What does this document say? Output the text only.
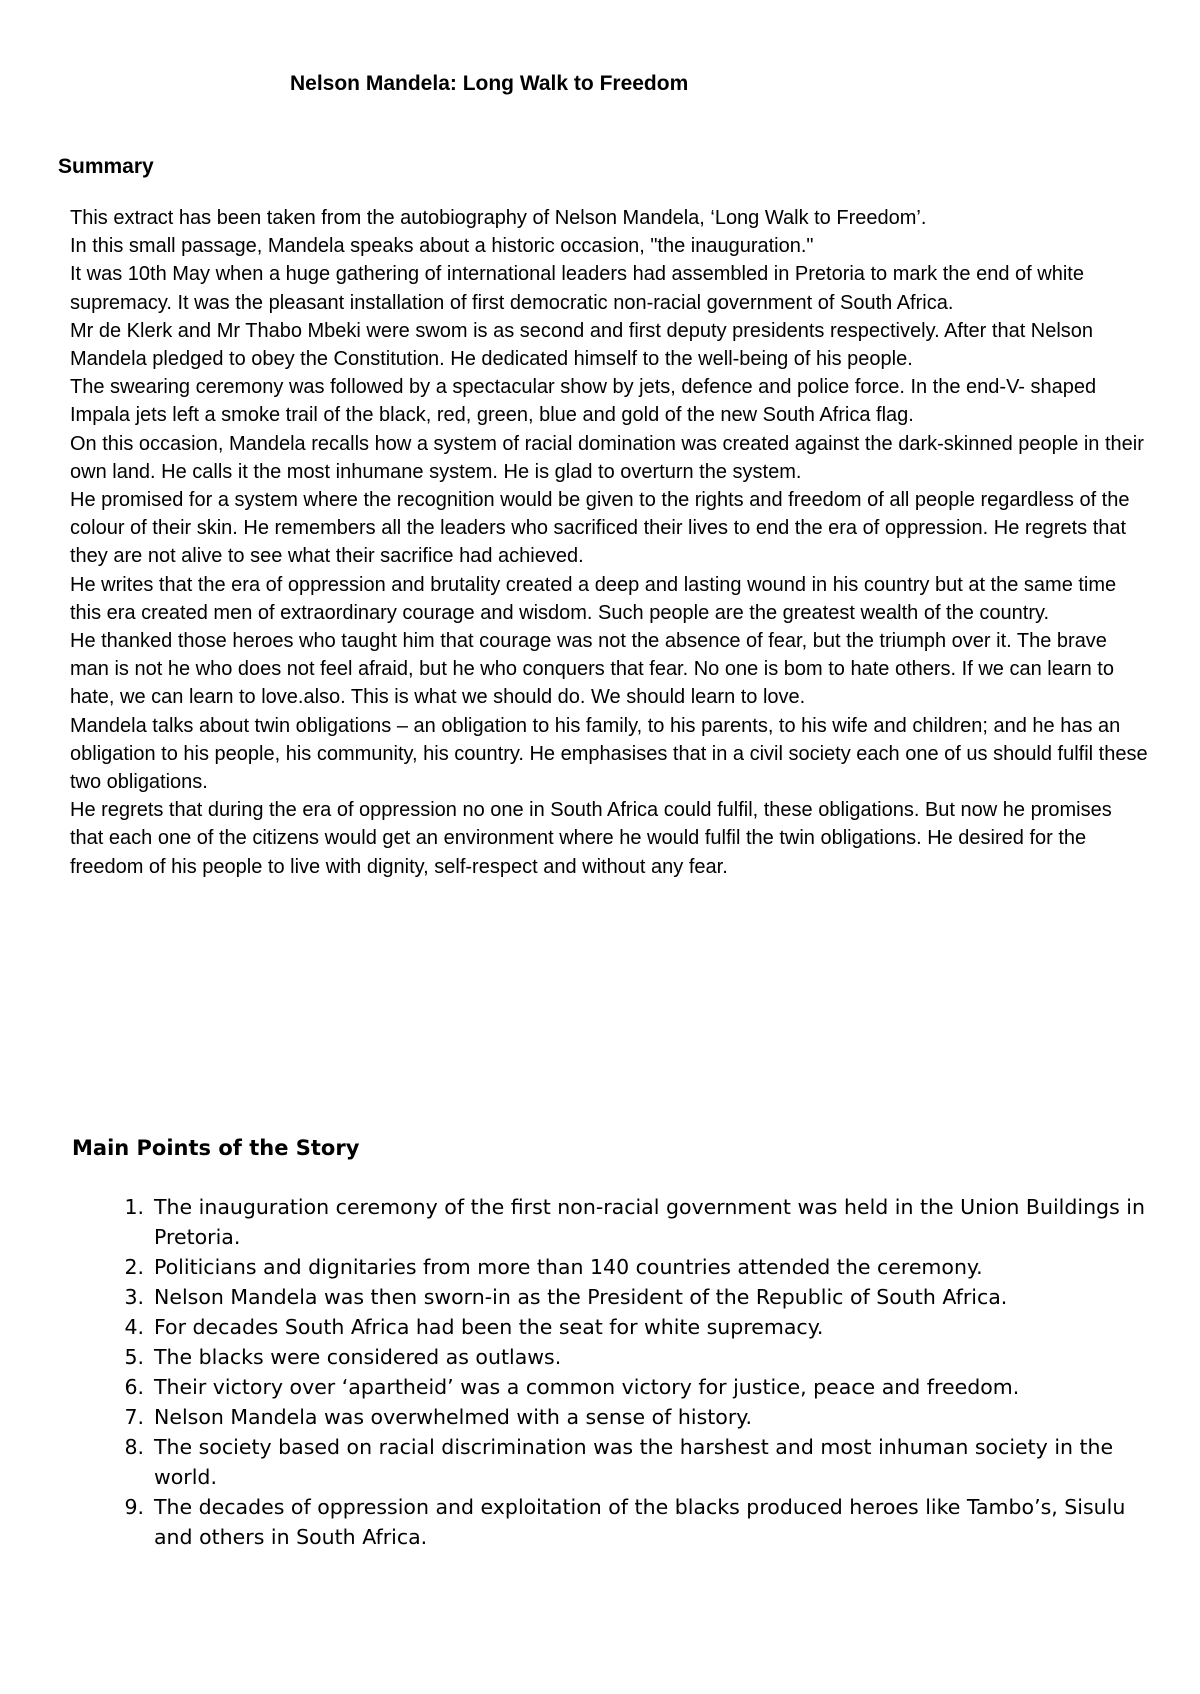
Nelson Mandela: Long Walk to Freedom
Summary

This extract has been taken from the autobiography of Nelson Mandela, ‘Long Walk to Freedom’.

In this small passage, Mandela speaks about a historic occasion, "the inauguration."

It was 10th May when a huge gathering of international leaders had assembled in Pretoria to mark the end of white supremacy. It was the pleasant installation of first democratic non-racial government of South Africa.

Mr de Klerk and Mr Thabo Mbeki were swom is as second and first deputy presidents respectively. After that Nelson Mandela pledged to obey the Constitution. He dedicated himself to the well-being of his people.

The swearing ceremony was followed by a spectacular show by jets, defence and police force. In the end-V- shaped Impala jets left a smoke trail of the black, red, green, blue and gold of the new South Africa flag.

On this occasion, Mandela recalls how a system of racial domination was created against the dark-skinned people in their own land. He calls it the most inhumane system. He is glad to overturn the system.

He promised for a system where the recognition would be given to the rights and freedom of all people regardless of the colour of their skin. He remembers all the leaders who sacrificed their lives to end the era of oppression. He regrets that they are not alive to see what their sacrifice had achieved.

He writes that the era of oppression and brutality created a deep and lasting wound in his country but at the same time this era created men of extraordinary courage and wisdom. Such people are the greatest wealth of the country.

He thanked those heroes who taught him that courage was not the absence of fear, but the triumph over it. The brave man is not he who does not feel afraid, but he who conquers that fear. No one is bom to hate others. If we can learn to hate, we can learn to love.also. This is what we should do. We should learn to love.

Mandela talks about twin obligations – an obligation to his family, to his parents, to his wife and children; and he has an obligation to his people, his community, his country. He emphasises that in a civil society each one of us should fulfil these two obligations.

He regrets that during the era of oppression no one in South Africa could fulfil, these obligations. But now he promises that each one of the citizens would get an environment where he would fulfil the twin obligations. He desired for the freedom of his people to live with dignity, self-respect and without any fear.

Main Points of the Story
1. The inauguration ceremony of the first non-racial government was held in the Union Buildings in Pretoria.
2. Politicians and dignitaries from more than 140 countries attended the ceremony.
3. Nelson Mandela was then sworn-in as the President of the Republic of South Africa.
4. For decades South Africa had been the seat for white supremacy.
5. The blacks were considered as outlaws.
6. Their victory over ‘apartheid’ was a common victory for justice, peace and freedom.
7. Nelson Mandela was overwhelmed with a sense of history.
8. The society based on racial discrimination was the harshest and most inhuman society in the world.
9. The decades of oppression and exploitation of the blacks produced heroes like Tambo’s, Sisulu and others in South Africa.
